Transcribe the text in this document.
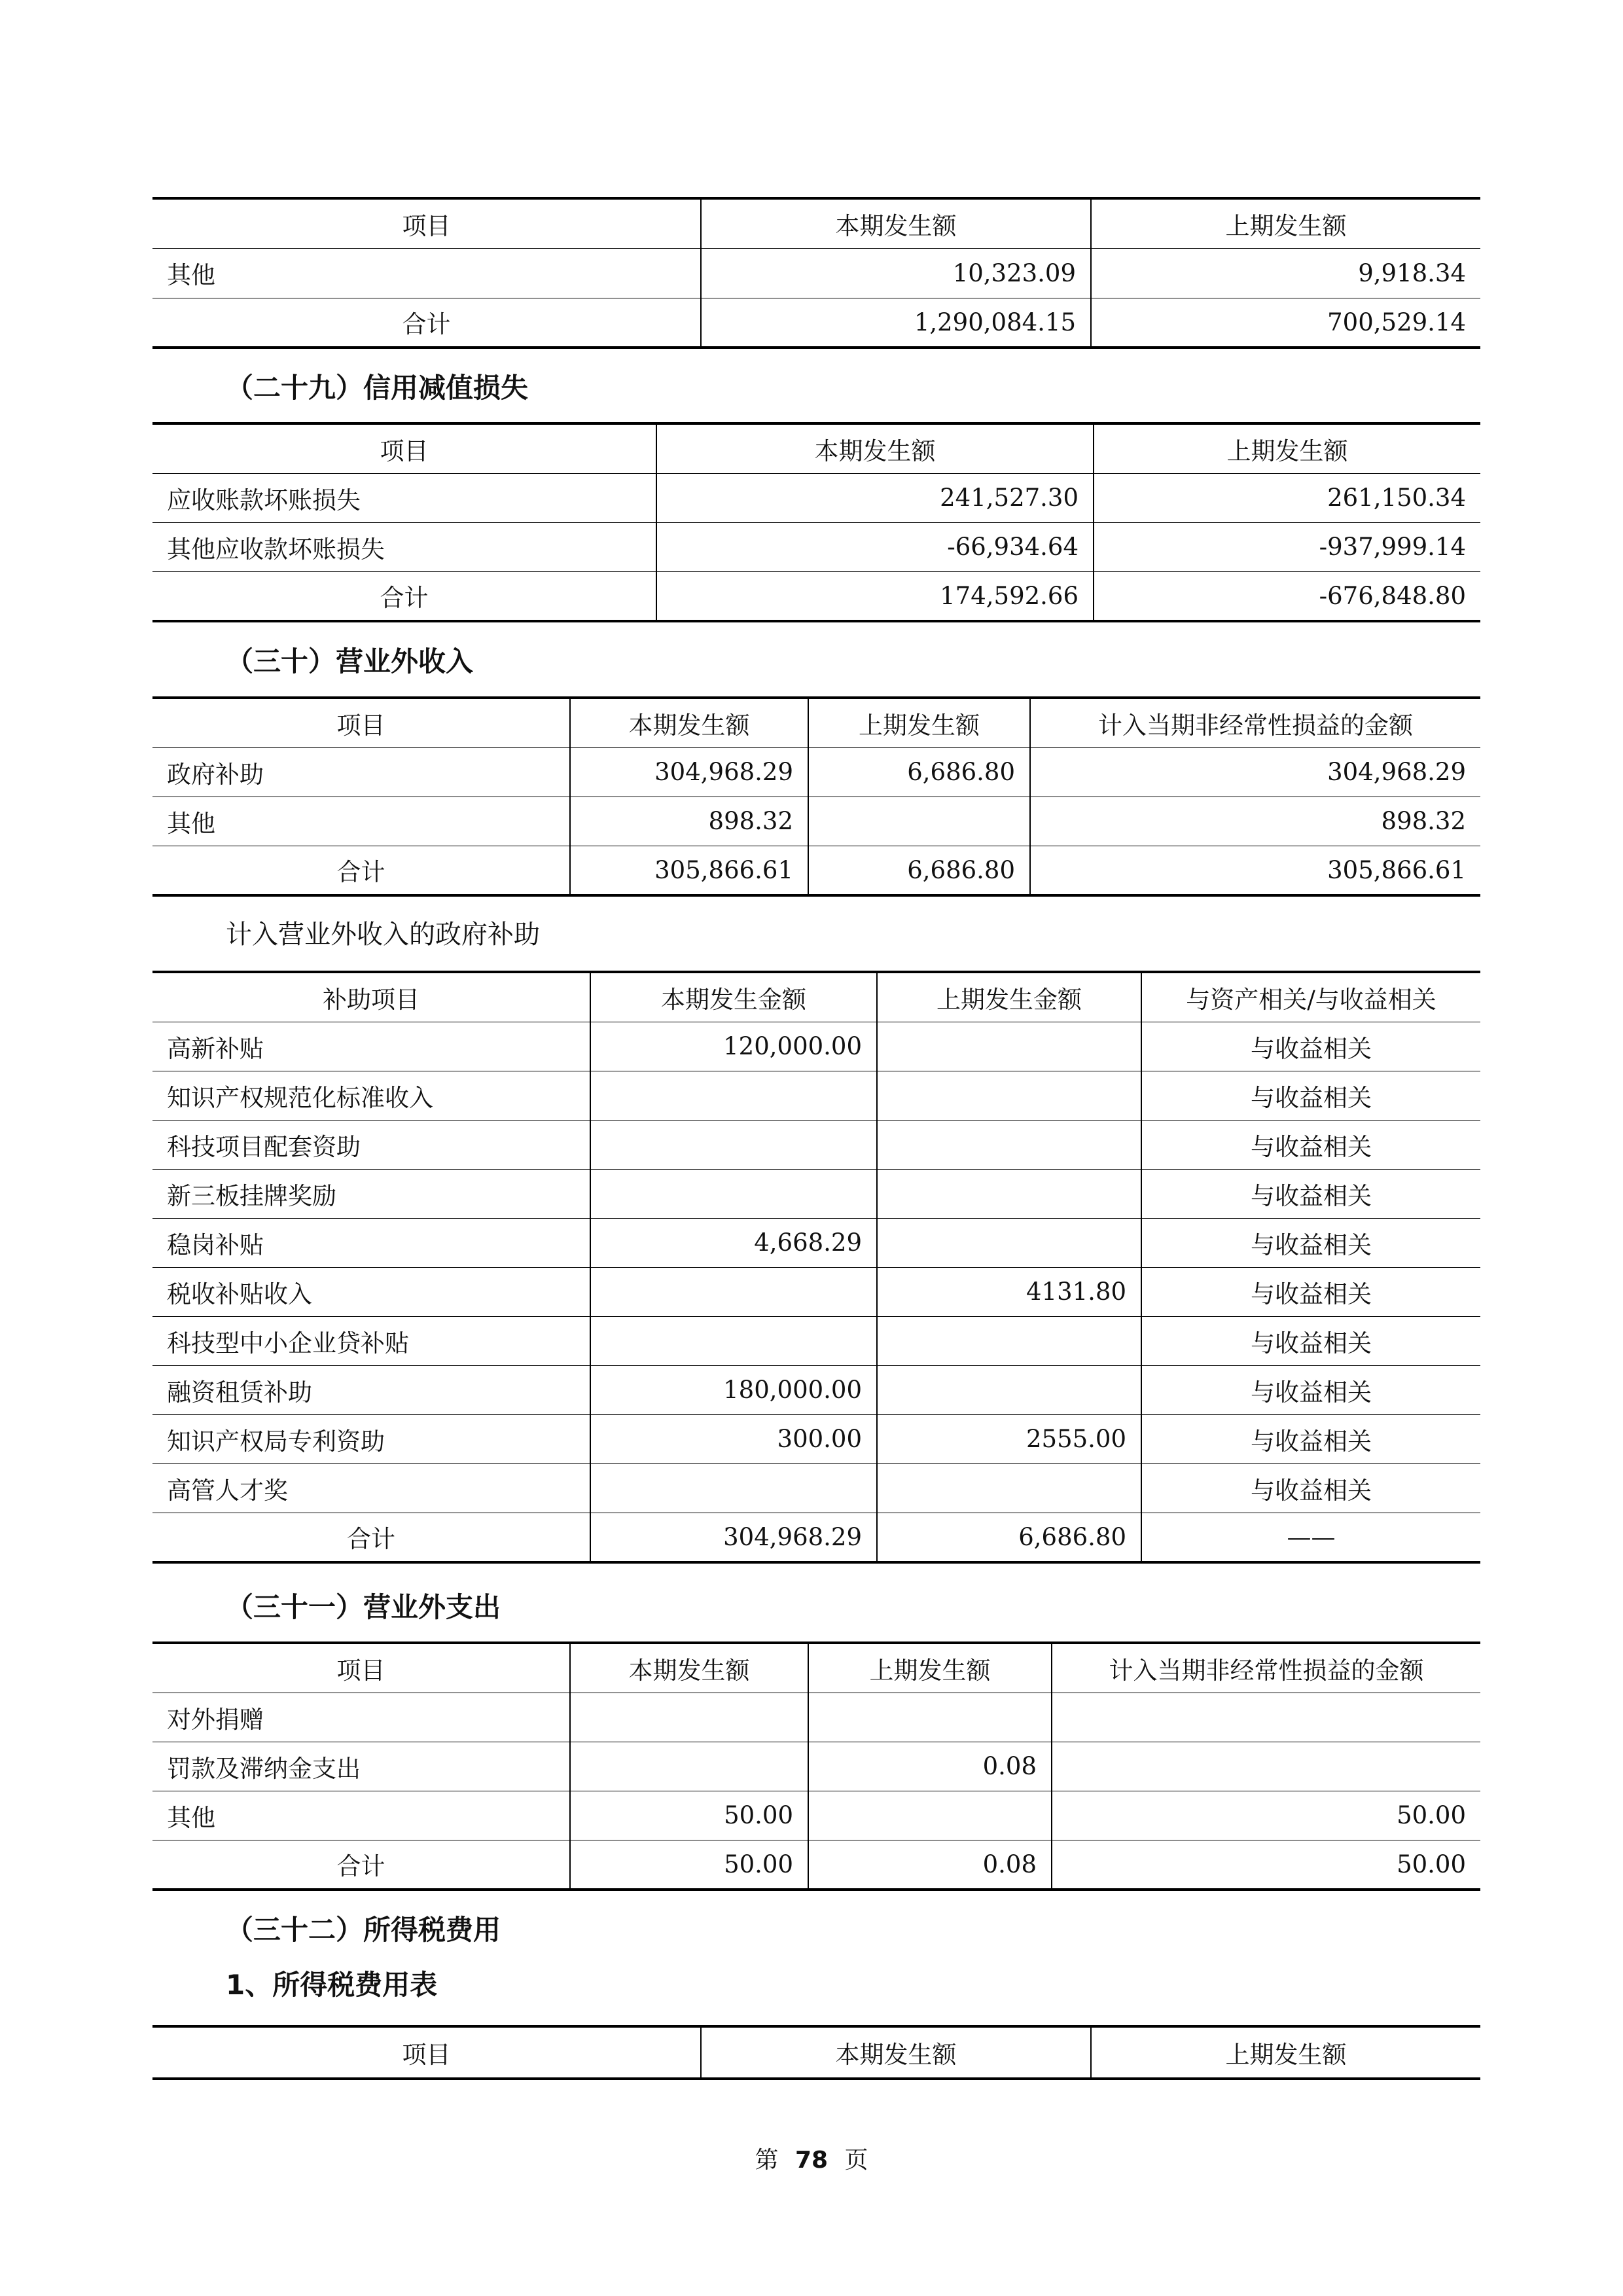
项目	本期发生额	上期发生额
其他	10,323.09	9,918.34
合计	1,290,084.15	700,529.14
（二十九）信用减值损失
项目	本期发生额	上期发生额
应收账款坏账损失	241,527.30	261,150.34
其他应收款坏账损失	-66,934.64	-937,999.14
合计	174,592.66	-676,848.80
（三十）营业外收入
项目	本期发生额	上期发生额	计入当期非经常性损益的金额
政府补助	304,968.29	6,686.80	304,968.29
其他	898.32		898.32
合计	305,866.61	6,686.80	305,866.61
计入营业外收入的政府补助
补助项目	本期发生金额	上期发生金额	与资产相关/与收益相关
高新补贴	120,000.00		与收益相关
知识产权规范化标准收入			与收益相关
科技项目配套资助			与收益相关
新三板挂牌奖励			与收益相关
稳岗补贴	4,668.29		与收益相关
税收补贴收入		4131.80	与收益相关
科技型中小企业贷补贴			与收益相关
融资租赁补助	180,000.00		与收益相关
知识产权局专利资助	300.00	2555.00	与收益相关
高管人才奖			与收益相关
合计	304,968.29	6,686.80	——
（三十一）营业外支出
项目	本期发生额	上期发生额	计入当期非经常性损益的金额
对外捐赠			
罚款及滞纳金支出		0.08	
其他	50.00		50.00
合计	50.00	0.08	50.00
（三十二）所得税费用
1、所得税费用表
项目	本期发生额	上期发生额
第 78 页
